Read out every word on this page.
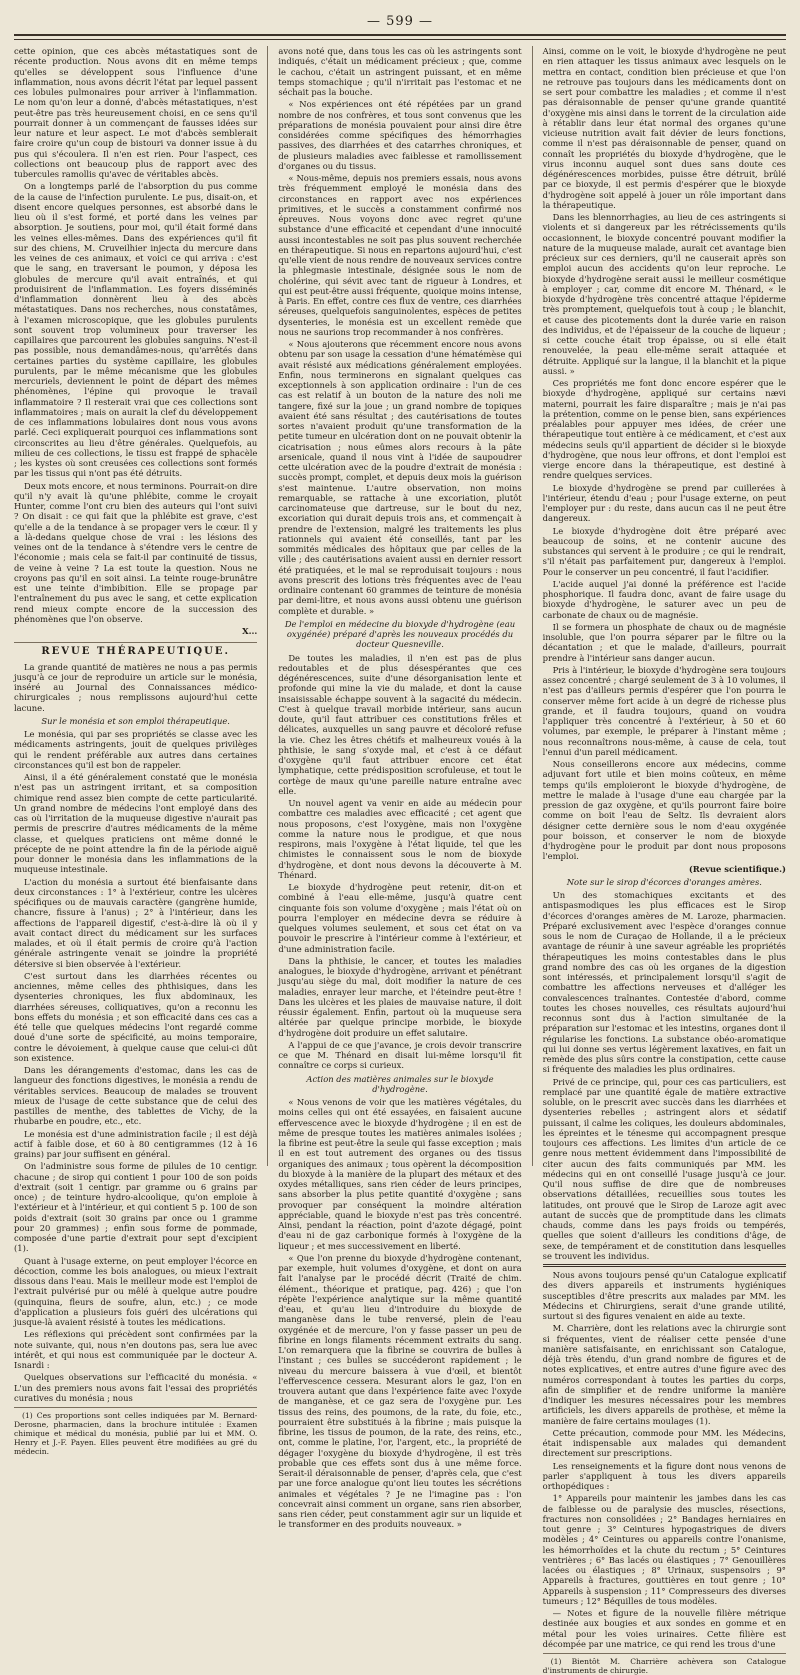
— 599 —

cette opinion, que ces abcès métastatiques sont de récente production. Nous avons dit en même temps qu'elles se développent sous l'influence d'une inflammation, nous avons décrit l'état par lequel passent ces lobules pulmonaires pour arriver à l'inflammation. Le nom qu'on leur a donné, d'abcès métastatiques, n'est peut-être pas très heureusement choisi, en ce sens qu'il pourrait donner à un commençant de fausses idées sur leur nature et leur aspect. Le mot d'abcès semblerait faire croire qu'un coup de bistouri va donner issue à du pus qui s'écoulera. Il n'en est rien. Pour l'aspect, ces collections ont beaucoup plus de rapport avec des tubercules ramollis qu'avec de véritables abcès.

On a longtemps parlé de l'absorption du pus comme de la cause de l'infection purulente. Le pus, disait-on, et disent encore quelques personnes, est absorbé dans le lieu où il s'est formé, et porté dans les veines par absorption. Je soutiens, pour moi, qu'il était formé dans les veines elles-mêmes. Dans des expériences qu'il fit sur des chiens, M. Cruveilhier injecta du mercure dans les veines de ces animaux, et voici ce qui arriva : c'est que le sang, en traversant le poumon, y déposa les globules de mercure qu'il avait entraînés, et qui produisirent de l'inflammation. Les foyers disséminés d'inflammation donnèrent lieu à des abcès métastatiques. Dans nos recherches, nous constatâmes, à l'examen microscopique, que les globules purulents sont souvent trop volumineux pour traverser les capillaires que parcourent les globules sanguins. N'est-il pas possible, nous demandâmes-nous, qu'arrêtés dans certaines parties du système capillaire, les globules purulents, par le même mécanisme que les globules mercuriels, deviennent le point de départ des mêmes phénomènes, l'épine qui provoque le travail inflammatoire ? Il resterait vrai que ces collections sont inflammatoires ; mais on aurait la clef du développement de ces inflammations lobulaires dont nous vous avons parlé. Ceci expliquerait pourquoi ces inflammations sont circonscrites au lieu d'être générales. Quelquefois, au milieu de ces collections, le tissu est frappé de sphacèle ; les kystes où sont creusées ces collections sont formés par les tissus qui n'ont pas été détruits.

Deux mots encore, et nous terminons. Pourrait-on dire qu'il n'y avait là qu'une phlébite, comme le croyait Hunter, comme l'ont cru bien des auteurs qui l'ont suivi ? On disait : ce qui fait que la phlébite est grave, c'est qu'elle a de la tendance à se propager vers le cœur. Il y a là-dedans quelque chose de vrai : les lésions des veines ont de la tendance à s'étendre vers le centre de l'économie ; mais cela se fait-il par continuité de tissus, de veine à veine ? La est toute la question. Nous ne croyons pas qu'il en soit ainsi. La teinte rouge-brunâtre est une teinte d'imbibition. Elle se propage par l'entraînement du pus avec le sang, et cette explication rend mieux compte encore de la succession des phénomènes que l'on observe.

X...
REVUE THÉRAPEUTIQUE.

La grande quantité de matières ne nous a pas permis jusqu'à ce jour de reproduire un article sur le monésia, inséré au Journal des Connaissances médico-chirurgicales ; nous remplissons aujourd'hui cette lacune.

Sur le monésia et son emploi thérapeutique.

Le monésia, qui par ses propriétés se classe avec les médicaments astringents, jouit de quelques privilèges qui le rendent préférable aux autres dans certaines circonstances qu'il est bon de rappeler.

Ainsi, il a été généralement constaté que le monésia n'est pas un astringent irritant, et sa composition chimique rend assez bien compte de cette particularité. Un grand nombre de médecins l'ont employé dans des cas où l'irritation de la muqueuse digestive n'aurait pas permis de prescrire d'autres médicaments de la même classe, et quelques praticiens ont même donné le précepte de ne point attendre la fin de la période aiguë pour donner le monésia dans les inflammations de la muqueuse intestinale.

L'action du monésia a surtout été bienfaisante dans deux circonstances : 1° à l'extérieur, contre les ulcères spécifiques ou de mauvais caractère (gangrène humide, chancre, fissure à l'anus) ; 2° à l'intérieur, dans les affections de l'appareil digestif, c'est-à-dire là où il y avait contact direct du médicament sur les surfaces malades, et où il était permis de croire qu'à l'action générale astringente venait se joindre la propriété détersive si bien observée à l'extérieur.

C'est surtout dans les diarrhées récentes ou anciennes, même celles des phthisiques, dans les dysenteries chroniques, les flux abdominaux, les diarrhées séreuses, colliquatives, qu'on a reconnu les bons effets du monésia ; et son efficacité dans ces cas a été telle que quelques médecins l'ont regardé comme doué d'une sorte de spécificité, au moins temporaire, contre le dévoiement, à quelque cause que celui-ci dût son existence.

Dans les dérangements d'estomac, dans les cas de langueur des fonctions digestives, le monésia a rendu de véritables services. Beaucoup de malades se trouvent mieux de l'usage de cette substance que de celui des pastilles de menthe, des tablettes de Vichy, de la rhubarbe en poudre, etc., etc.

Le monésia est d'une administration facile ; il est déjà actif à faible dose, et 60 à 80 centigrammes (12 à 16 grains) par jour suffisent en général.

On l'administre sous forme de pilules de 10 centigr. chacune ; de sirop qui contient 1 pour 100 de son poids d'extrait (soit 1 centigr. par gramme ou 6 grains par once) ; de teinture hydro-alcoolique, qu'on emploie à l'extérieur et à l'intérieur, et qui contient 5 p. 100 de son poids d'extrait (soit 30 grains par once ou 1 gramme pour 20 grammes) ; enfin sous forme de pommade, composée d'une partie d'extrait pour sept d'excipient (1).

Quant à l'usage externe, on peut employer l'écorce en décoction, comme les bois analogues, ou mieux l'extrait dissous dans l'eau. Mais le meilleur mode est l'emploi de l'extrait pulvérisé pur ou mêlé à quelque autre poudre (quinquina, fleurs de soufre, alun, etc.) ; ce mode d'application a plusieurs fois guéri des ulcérations qui jusque-là avaient résisté à toutes les médications.

Les réflexions qui précèdent sont confirmées par la note suivante, qui, nous n'en doutons pas, sera lue avec intérêt, et qui nous est communiquée par le docteur A. Isnardi :

Quelques observations sur l'efficacité du monésia. « L'un des premiers nous avons fait l'essai des propriétés curatives du monésia ; nous

(1) Ces proportions sont celles indiquées par M. Bernard-Derosne, pharmacien, dans la brochure intitulée : Examen chimique et médical du monésia, publié par lui et MM. O. Henry et J.-F. Payen. Elles peuvent être modifiées au gré du médecin.

avons noté que, dans tous les cas où les astringents sont indiqués, c'était un médicament précieux ; que, comme le cachou, c'était un astringent puissant, et en même temps stomachique ; qu'il n'irritait pas l'estomac et ne séchait pas la bouche.

« Nos expériences ont été répétées par un grand nombre de nos confrères, et tous sont convenus que les préparations de monésia pouvaient pour ainsi dire être considérées comme spécifiques des hémorrhagies passives, des diarrhées et des catarrhes chroniques, et de plusieurs maladies avec faiblesse et ramollissement d'organes ou du tissus.

« Nous-même, depuis nos premiers essais, nous avons très fréquemment employé le monésia dans des circonstances en rapport avec nos expériences primitives, et le succès a constamment confirmé nos épreuves. Nous voyons donc avec regret qu'une substance d'une efficacité et cependant d'une innocuité aussi incontestables ne soit pas plus souvent recherchée en thérapeutique. Si nous en repartons aujourd'hui, c'est qu'elle vient de nous rendre de nouveaux services contre la phlegmasie intestinale, désignée sous le nom de cholérine, qui sévit avec tant de rigueur à Londres, et qui est peut-être aussi fréquente, quoique moins intense, à Paris. En effet, contre ces flux de ventre, ces diarrhées séreuses, quelquefois sanguinolentes, espèces de petites dysenteries, le monésia est un excellent remède que nous ne saurions trop recommander à nos confrères.

« Nous ajouterons que récemment encore nous avons obtenu par son usage la cessation d'une hématémèse qui avait résisté aux médications généralement employées. Enfin, nous terminerons en signalant quelques cas exceptionnels à son application ordinaire : l'un de ces cas est relatif à un bouton de la nature des noli me tangere, fixé sur la joue ; un grand nombre de topiques avaient été sans résultat ; des cautérisations de toutes sortes n'avaient produit qu'une transformation de la petite tumeur en ulcération dont on ne pouvait obtenir la cicatrisation ; nous eûmes alors recours à la pâte arsenicale, quand il nous vint à l'idée de saupoudrer cette ulcération avec de la poudre d'extrait de monésia : succès prompt, complet, et depuis deux mois la guérison s'est maintenue. L'autre observation, non moins remarquable, se rattache à une excoriation, plutôt carcinomateuse que dartreuse, sur le bout du nez, excoriation qui durait depuis trois ans, et commençait à prendre de l'extension, malgré les traitements les plus rationnels qui avaient été conseillés, tant par les sommités médicales des hôpitaux que par celles de la ville ; des cautérisations avaient aussi en dernier ressort été pratiquées, et le mal se reproduisait toujours : nous avons prescrit des lotions très fréquentes avec de l'eau ordinaire contenant 60 grammes de teinture de monésia par demi-litre, et nous avons aussi obtenu une guérison complète et durable. »

De l'emploi en médecine du bioxyde d'hydrogène (eau oxygénée) préparé d'après les nouveaux procédés du docteur Quesneville.

De toutes les maladies, il n'en est pas de plus redoutables et de plus désespérantes que ces dégénérescences, suite d'une désorganisation lente et profonde qui mine la vie du malade, et dont la cause insaisissable échappe souvent à la sagacité du médecin. C'est à quelque travail morbide intérieur, sans aucun doute, qu'il faut attribuer ces constitutions frêles et délicates, auxquelles un sang pauvre et décoloré refuse la vie. Chez les êtres chétifs et malheureux voués à la phthisie, le sang s'oxyde mal, et c'est à ce défaut d'oxygène qu'il faut attribuer encore cet état lymphatique, cette prédisposition scrofuleuse, et tout le cortège de maux qu'une pareille nature entraîne avec elle.

Un nouvel agent va venir en aide au médecin pour combattre ces maladies avec efficacité ; cet agent que nous proposons, c'est l'oxygène, mais non l'oxygène comme la nature nous le prodigue, et que nous respirons, mais l'oxygène à l'état liquide, tel que les chimistes le connaissent sous le nom de bioxyde d'hydrogène, et dont nous devons la découverte à M. Thénard.

Le bioxyde d'hydrogène peut retenir, dit-on et combiné à l'eau elle-même, jusqu'à quatre cent cinquante fois son volume d'oxygène ; mais l'état où on pourra l'employer en médecine devra se réduire à quelques volumes seulement, et sous cet état on va pouvoir le prescrire à l'intérieur comme à l'extérieur, et d'une administration facile.

Dans la phthisie, le cancer, et toutes les maladies analogues, le bioxyde d'hydrogène, arrivant et pénétrant jusqu'au siège du mal, doit modifier la nature de ces maladies, enrayer leur marche, et l'éteindre peut-être ! Dans les ulcères et les plaies de mauvaise nature, il doit réussir également. Enfin, partout où la muqueuse sera altérée par quelque principe morbide, le bioxyde d'hydrogène doit produire un effet salutaire.

A l'appui de ce que j'avance, je crois devoir transcrire ce que M. Thénard en disait lui-même lorsqu'il fit connaître ce corps si curieux.

Action des matières animales sur le bioxyde d'hydrogène.

« Nous venons de voir que les matières végétales, du moins celles qui ont été essayées, en faisaient aucune effervescence avec le bioxyde d'hydrogène ; il en est de même de presque toutes les matières animales isolées ; la fibrine est peut-être la seule qui fasse exception ; mais il en est tout autrement des organes ou des tissus organiques des animaux ; tous opèrent la décomposition du bioxyde à la manière de la plupart des métaux et des oxydes métalliques, sans rien céder de leurs principes, sans absorber la plus petite quantité d'oxygène ; sans provoquer par conséquent la moindre altération appréciable, quand le bioxyde n'est pas très concentré. Ainsi, pendant la réaction, point d'azote dégagé, point d'eau ni de gaz carbonique formés à l'oxygène de la liqueur ; et mes successivement en liberté.

« Que l'on prenne du bioxyde d'hydrogène contenant, par exemple, huit volumes d'oxygène, et dont on aura fait l'analyse par le procédé décrit (Traité de chim. élément., théorique et pratique, pag. 426) ; que l'on répète l'expérience analytique sur la même quantité d'eau, et qu'au lieu d'introduire du bioxyde de manganèse dans le tube renversé, plein de l'eau oxygénée et de mercure, l'on y fasse passer un peu de fibrine en longs filaments récemment extraits du sang. L'on remarquera que la fibrine se couvrira de bulles à l'instant ; ces bulles se succéderont rapidement ; le niveau du mercure baissera à vue d'œil, et bientôt l'effervescence cessera. Mesurant alors le gaz, l'on en trouvera autant que dans l'expérience faite avec l'oxyde de manganèse, et ce gaz sera de l'oxygène pur. Les tissus des reins, des poumons, de la rate, du foie, etc., pourraient être substitués à la fibrine ; mais puisque la fibrine, les tissus de poumon, de la rate, des reins, etc., ont, comme le platine, l'or, l'argent, etc., la propriété de dégager l'oxygène du bioxyde d'hydrogène, il est très probable que ces effets sont dus à une même force. Serait-il déraisonnable de penser, d'après cela, que c'est par une force analogue qu'ont lieu toutes les sécrétions animales et végétales ? Je ne l'imagine pas : l'on concevrait ainsi comment un organe, sans rien absorber, sans rien céder, peut constamment agir sur un liquide et le transformer en des produits nouveaux. »

Ainsi, comme on le voit, le bioxyde d'hydrogène ne peut en rien attaquer les tissus animaux avec lesquels on le mettra en contact, condition bien précieuse et que l'on ne retrouve pas toujours dans les médicaments dont on se sert pour combattre les maladies ; et comme il n'est pas déraisonnable de penser qu'une grande quantité d'oxygène mis ainsi dans le torrent de la circulation aide à rétablir dans leur état normal des organes qu'une vicieuse nutrition avait fait dévier de leurs fonctions, comme il n'est pas déraisonnable de penser, quand on connaît les propriétés du bioxyde d'hydrogène, que le virus inconnu auquel sont dues sans doute ces dégénérescences morbides, puisse être détruit, brûlé par ce bioxyde, il est permis d'espérer que le bioxyde d'hydrogène soit appelé à jouer un rôle important dans la thérapeutique.

Dans les blennorrhagies, au lieu de ces astringents si violents et si dangereux par les rétrécissements qu'ils occasionnent, le bioxyde concentré pouvant modifier la nature de la muqueuse malade, aurait cet avantage bien précieux sur ces derniers, qu'il ne causerait après son emploi aucun des accidents qu'on leur reproche. Le bioxyde d'hydrogène serait aussi le meilleur cosmétique à employer ; car, comme dit encore M. Thénard, « le bioxyde d'hydrogène très concentré attaque l'épiderme très promptement, quelquefois tout à coup ; le blanchit, et cause des picotements dont la durée varie en raison des individus, et de l'épaisseur de la couche de liqueur ; si cette couche était trop épaisse, ou si elle était renouvelée, la peau elle-même serait attaquée et détruite. Appliqué sur la langue, il la blanchit et la pique aussi. »

Ces propriétés me font donc encore espérer que le bioxyde d'hydrogène, appliqué sur certains nævi materni, pourrait les faire disparaître ; mais je n'ai pas la prétention, comme on le pense bien, sans expériences préalables pour appuyer mes idées, de créer une thérapeutique tout entière à ce médicament, et c'est aux médecins seuls qu'il appartient de décider si le bioxyde d'hydrogène, que nous leur offrons, et dont l'emploi est vierge encore dans la thérapeutique, est destiné à rendre quelques services.

Le bioxyde d'hydrogène se prend par cuillerées à l'intérieur, étendu d'eau ; pour l'usage externe, on peut l'employer pur : du reste, dans aucun cas il ne peut être dangereux.

Le bioxyde d'hydrogène doit être préparé avec beaucoup de soins, et ne contenir aucune des substances qui servent à le produire ; ce qui le rendrait, s'il n'était pas parfaitement pur, dangereux à l'emploi. Pour le conserver un peu concentré, il faut l'acidifier.

L'acide auquel j'ai donné la préférence est l'acide phosphorique. Il faudra donc, avant de faire usage du bioxyde d'hydrogène, le saturer avec un peu de carbonate de chaux ou de magnésie.

Il se formera un phosphate de chaux ou de magnésie insoluble, que l'on pourra séparer par le filtre ou la décantation ; et que le malade, d'ailleurs, pourrait prendre à l'intérieur sans danger aucun.

Pris à l'intérieur, le bioxyde d'hydrogène sera toujours assez concentré ; chargé seulement de 3 à 10 volumes, il n'est pas d'ailleurs permis d'espérer que l'on pourra le conserver même fort acide à un degré de richesse plus grande, et il faudra toujours, quand on voudra l'appliquer très concentré à l'extérieur, à 50 et 60 volumes, par exemple, le préparer à l'instant même ; nous reconnaîtrons nous-même, à cause de cela, tout l'ennui d'un pareil médicament.

Nous conseillerons encore aux médecins, comme adjuvant fort utile et bien moins coûteux, en même temps qu'ils emploieront le bioxyde d'hydrogène, de mettre le malade à l'usage d'une eau chargée par la pression de gaz oxygène, et qu'ils pourront faire boire comme on boit l'eau de Seltz. Ils devraient alors désigner cette dernière sous le nom d'eau oxygénée pour boisson, et conserver le nom de bioxyde d'hydrogène pour le produit par dont nous proposons l'emploi.

(Revue scientifique.)
Note sur le sirop d'écorces d'oranges amères.

Un des stomachiques excitants et des antispasmodiques les plus efficaces est le Sirop d'écorces d'oranges amères de M. Laroze, pharmacien. Préparé exclusivement avec l'espèce d'oranges connue sous le nom de Curaçao de Hollande, il a le précieux avantage de réunir à une saveur agréable les propriétés thérapeutiques les moins contestables dans le plus grand nombre des cas où les organes de la digestion sont intéressés, et principalement lorsqu'il s'agit de combattre les affections nerveuses et d'alléger les convalescences traînantes. Contestée d'abord, comme toutes les choses nouvelles, ces résultats aujourd'hui reconnus sont dus à l'action simultanée de la préparation sur l'estomac et les intestins, organes dont il régularise les fonctions. La substance obéo-aromatique qui lui donne ses vertus légèrement laxatives, en fait un remède des plus sûrs contre la constipation, cette cause si fréquente des maladies les plus ordinaires.

Privé de ce principe, qui, pour ces cas particuliers, est remplacé par une quantité égale de matière extractive soluble, on le prescrit avec succès dans les diarrhées et dysenteries rebelles ; astringent alors et sédatif puissant, il calme les coliques, les douleurs abdominales, les épreintes et le ténesme qui accompagnent presque toujours ces affections. Les limites d'un article de ce genre nous mettent évidemment dans l'impossibilité de citer aucun des faits communiqués par MM. les médecins qui en ont conseillé l'usage jusqu'à ce jour. Qu'il nous suffise de dire que de nombreuses observations détaillées, recueillies sous toutes les latitudes, ont prouvé que le Sirop de Laroze agit avec autant de succès que de promptitude dans les climats chauds, comme dans les pays froids ou tempérés, quelles que soient d'ailleurs les conditions d'âge, de sexe, de tempérament et de constitution dans lesquelles se trouvent les individus.

Nous avons toujours pensé qu'un Catalogue explicatif des divers appareils et instruments hygiéniques susceptibles d'être prescrits aux malades par MM. les Médecins et Chirurgiens, serait d'une grande utilité, surtout si des figures venaient en aide au texte.

M. Charrière, dont les relations avec la chirurgie sont si fréquentes, vient de réaliser cette pensée d'une manière satisfaisante, en enrichissant son Catalogue, déjà très étendu, d'un grand nombre de figures et de notes explicatives, et entre autres d'une figure avec des numéros correspondant à toutes les parties du corps, afin de simplifier et de rendre uniforme la manière d'indiquer les mesures nécessaires pour les membres artificiels, les divers appareils de prothèse, et même la manière de faire certains moulages (1).

Cette précaution, commode pour MM. les Médecins, était indispensable aux malades qui demandent directement sur prescriptions.

Les renseignements et la figure dont nous venons de parler s'appliquent à tous les divers appareils orthopédiques :

1° Appareils pour maintenir les jambes dans les cas de faiblesse ou de paralysie des muscles, résections, fractures non consolidées ; 2° Bandages herniaires en tout genre ; 3° Ceintures hypogastriques de divers modèles ; 4° Ceintures ou appareils contre l'onanisme, les hémorrhoïdes et la chute du rectum ; 5° Ceintures ventrières ; 6° Bas lacés ou élastiques ; 7° Genouillères lacées ou élastiques ; 8° Urinaux, suspensoirs ; 9° Appareils à fractures, gouttières en tout genre ; 10° Appareils à suspension ; 11° Compresseurs des diverses tumeurs ; 12° Béquilles de tous modèles.

— Notes et figure de la nouvelle filière métrique destinée aux bougies et aux sondes en gomme et en métal pour les voies urinaires. Cette filière est décompée par une matrice, ce qui rend les trous d'une

(1) Bientôt M. Charrière achèvera son Catalogue d'instruments de chirurgie.
